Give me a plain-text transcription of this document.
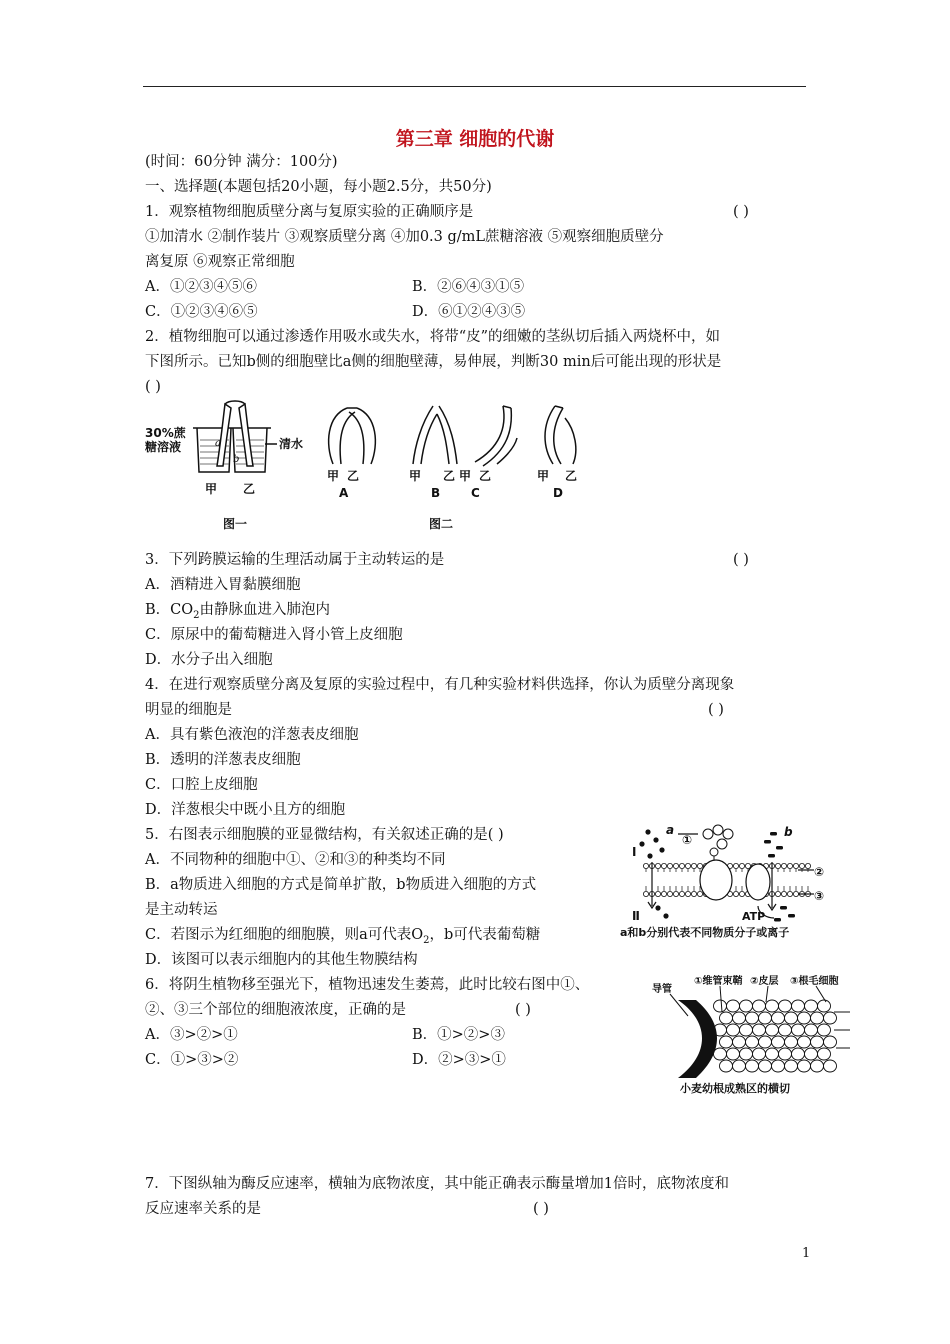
第三章 细胞的代谢
(时间：60分钟 满分：100分)
一、选择题(本题包括20小题，每小题2.5分，共50分)
1．观察植物细胞质壁分离与复原实验的正确顺序是	( )
①加清水 ②制作装片 ③观察质壁分离 ④加0.3 g/mL蔗糖溶液 ⑤观察细胞质壁分
离复原 ⑥观察正常细胞
A．①②③④⑤⑥	B．②⑥④③①⑤
C．①②③④⑥⑤	D．⑥①②④③⑤
2．植物细胞可以通过渗透作用吸水或失水，将带“皮”的细嫩的茎纵切后插入两烧杯中，如
下图所示。已知b侧的细胞壁比a侧的细胞壁薄，易伸展，判断30 min后可能出现的形状是
( )
30%蔗
糖溶液	清水
甲 乙
图一
a
b
甲 乙
A
甲 乙
B
甲 乙
C
甲 乙
D
图二
3．下列跨膜运输的生理活动属于主动转运的是	( )
A．酒精进入胃黏膜细胞
B．$CO_2$由静脉血进入肺泡内
C．原尿中的葡萄糖进入肾小管上皮细胞
D．水分子出入细胞
4．在进行观察质壁分离及复原的实验过程中，有几种实验材料供选择，你认为质壁分离现象
明显的细胞是	( )
A．具有紫色液泡的洋葱表皮细胞
B．透明的洋葱表皮细胞
C．口腔上皮细胞
D．洋葱根尖中既小且方的细胞
5．右图表示细胞膜的亚显微结构，有关叙述正确的是( )
A．不同物种的细胞中①、②和③的种类均不同
B．a物质进入细胞的方式是简单扩散，b物质进入细胞的方式
是主动转运
C．若图示为红细胞的细胞膜，则a可代表$O_2$，b可代表葡萄糖
D．该图可以表示细胞内的其他生物膜结构
a	b
①
②
③
Ⅰ
Ⅱ	ATP
a和b分别代表不同物质分子或离子
6．将阴生植物移至强光下，植物迅速发生萎蔫，此时比较右图中①、
②、③三个部位的细胞液浓度，正确的是	( )
A．③>②>①	B．①>②>③
C．①>③>②	D．②>③>①
导管
①维管束鞘 ②皮层 ③根毛细胞
小麦幼根成熟区的横切
7．下图纵轴为酶反应速率，横轴为底物浓度，其中能正确表示酶量增加1倍时，底物浓度和
反应速率关系的是	( )
1
